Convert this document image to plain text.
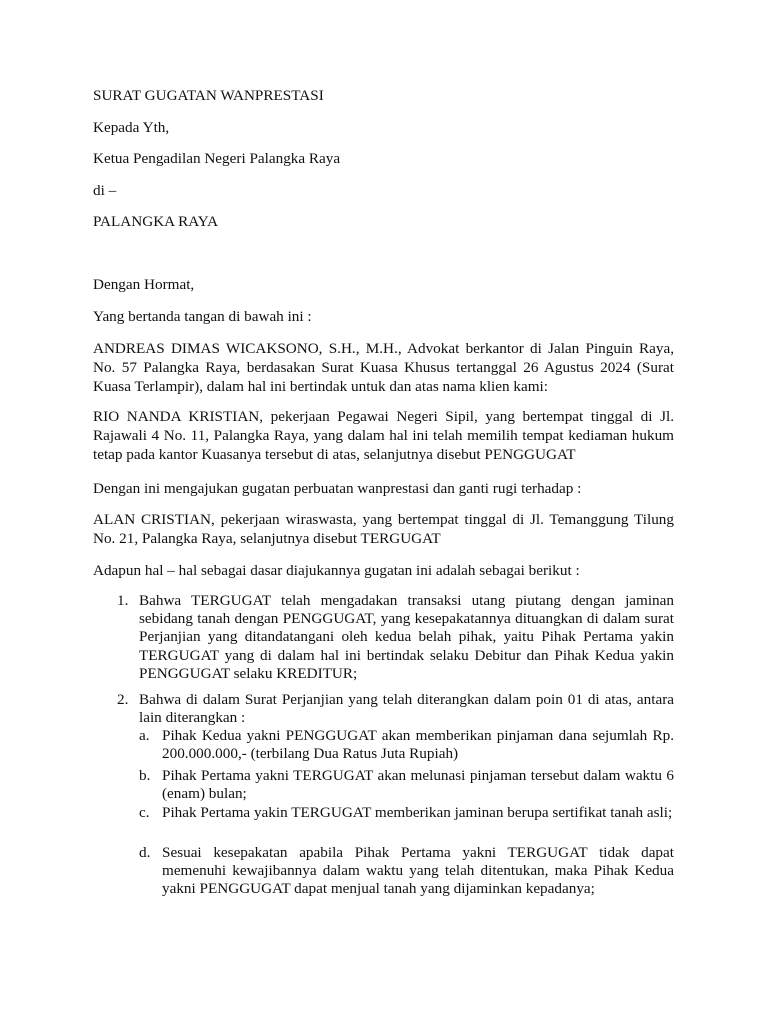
SURAT GUGATAN WANPRESTASI
Kepada Yth,
Ketua Pengadilan Negeri Palangka Raya
di –
PALANGKA RAYA
Dengan Hormat,
Yang bertanda tangan di bawah ini :
ANDREAS DIMAS WICAKSONO, S.H., M.H., Advokat berkantor di Jalan Pinguin Raya, No. 57 Palangka Raya, berdasakan Surat Kuasa Khusus tertanggal 26 Agustus 2024 (Surat Kuasa Terlampir), dalam hal ini bertindak untuk dan atas nama klien kami:
RIO NANDA KRISTIAN, pekerjaan Pegawai Negeri Sipil, yang bertempat tinggal di Jl. Rajawali 4 No. 11, Palangka Raya, yang dalam hal ini telah memilih tempat kediaman hukum tetap pada kantor Kuasanya tersebut di atas, selanjutnya disebut PENGGUGAT
Dengan ini mengajukan gugatan perbuatan wanprestasi dan ganti rugi terhadap :
ALAN CRISTIAN, pekerjaan wiraswasta, yang bertempat tinggal di Jl. Temanggung Tilung No. 21, Palangka Raya, selanjutnya disebut TERGUGAT
Adapun hal – hal sebagai dasar diajukannya gugatan ini adalah sebagai berikut :
1. Bahwa TERGUGAT telah mengadakan transaksi utang piutang dengan jaminan sebidang tanah dengan PENGGUGAT, yang kesepakatannya dituangkan di dalam surat Perjanjian yang ditandatangani oleh kedua belah pihak, yaitu Pihak Pertama yakin TERGUGAT yang di dalam hal ini bertindak selaku Debitur dan Pihak Kedua yakin PENGGUGAT selaku KREDITUR;
2. Bahwa di dalam Surat Perjanjian yang telah diterangkan dalam poin 01 di atas, antara lain diterangkan :
a. Pihak Kedua yakni PENGGUGAT akan memberikan pinjaman dana sejumlah Rp. 200.000.000,- (terbilang Dua Ratus Juta Rupiah)
b. Pihak Pertama yakni TERGUGAT akan melunasi pinjaman tersebut dalam waktu 6 (enam) bulan;
c. Pihak Pertama yakin TERGUGAT memberikan jaminan berupa sertifikat tanah asli;
d. Sesuai kesepakatan apabila Pihak Pertama yakni TERGUGAT tidak dapat memenuhi kewajibannya dalam waktu yang telah ditentukan, maka Pihak Kedua yakni PENGGUGAT dapat menjual tanah yang dijaminkan kepadanya;
